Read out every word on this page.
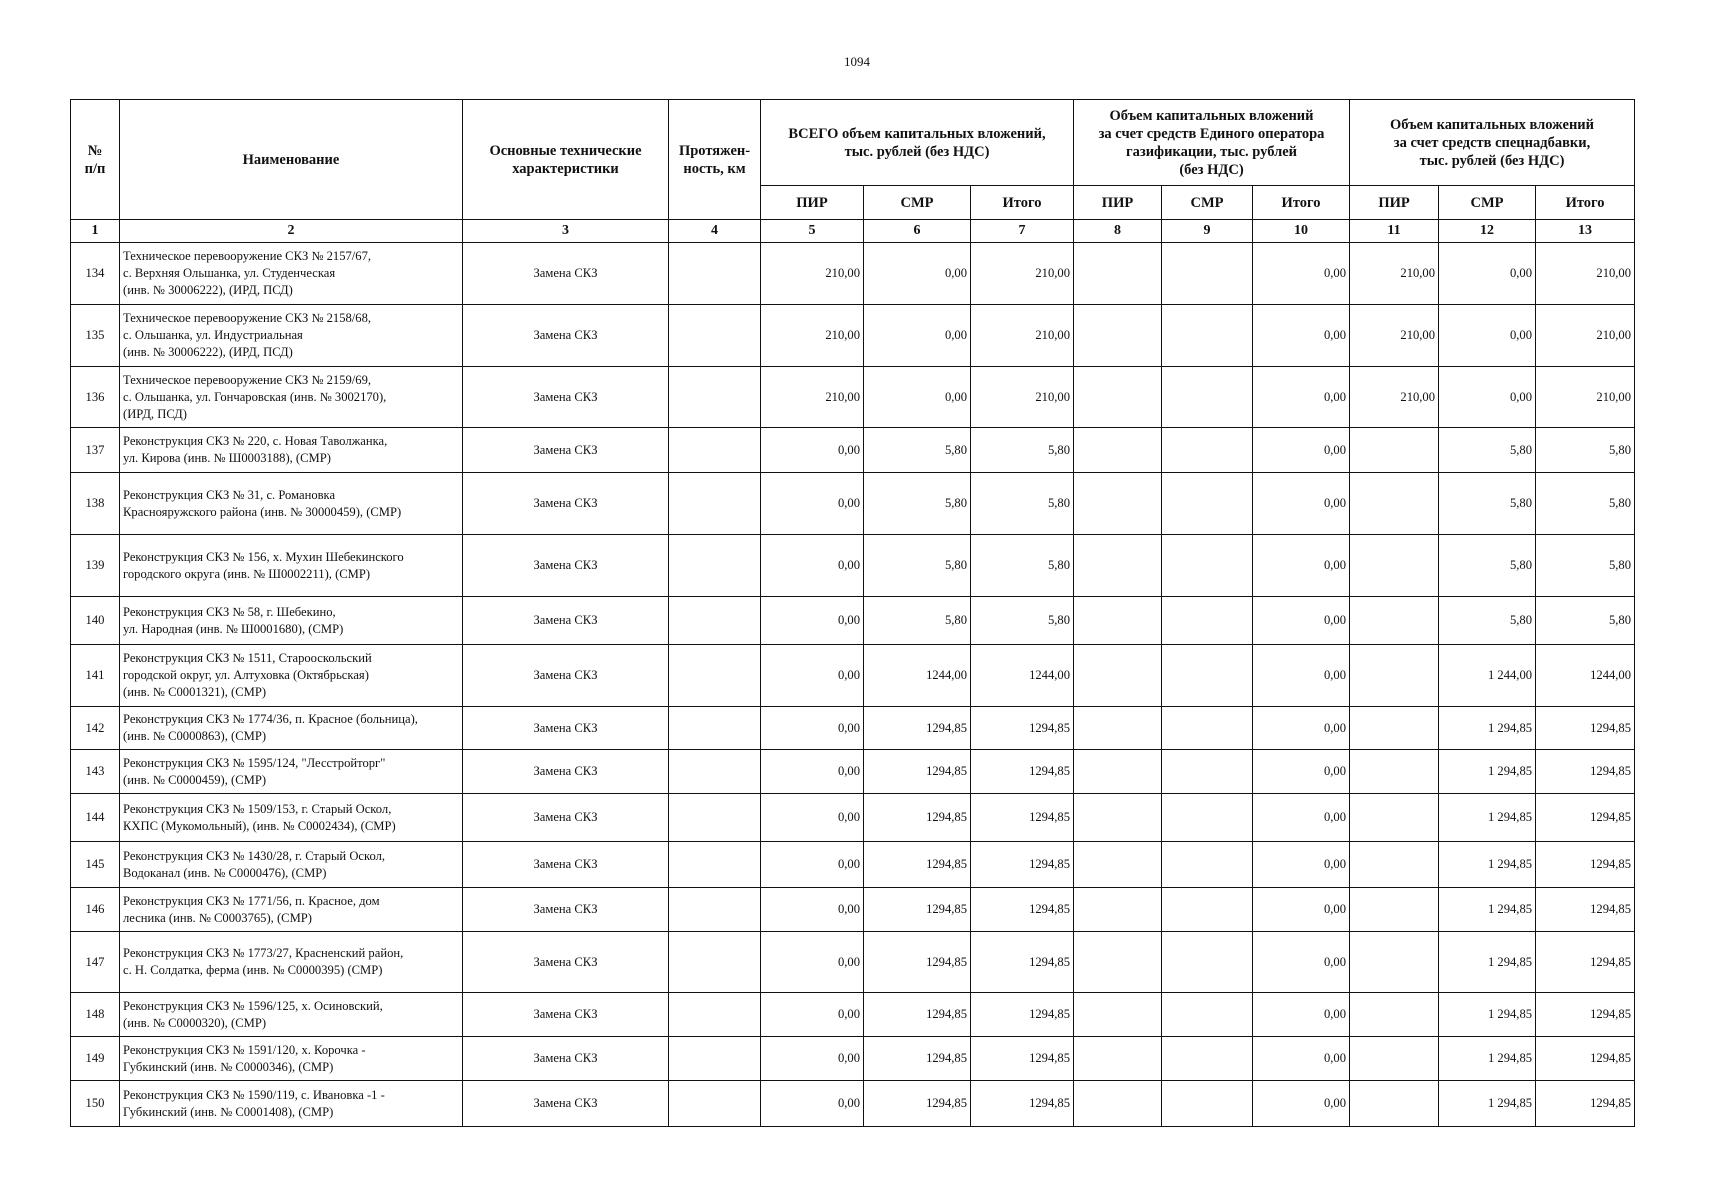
1094
№
п/п	Наименование	Основные технические
характеристики	Протяжен-
ность, км	ВСЕГО объем капитальных вложений,
тыс. рублей (без НДС)			Объем капитальных вложений
за счет средств Единого оператора
газификации, тыс. рублей
(без НДС)			Объем капитальных вложений
за счет средств спецнадбавки,
тыс. рублей (без НДС)		
				ПИР	СМР	Итого	ПИР	СМР	Итого	ПИР	СМР	Итого
1	2	3	4	5	6	7	8	9	10	11	12	13
134	Техническое перевооружение СКЗ № 2157/67,
с. Верхняя Ольшанка, ул. Студенческая
(инв. № 30006222), (ИРД, ПСД)	Замена СКЗ		210,00	0,00	210,00			0,00	210,00	0,00	210,00
135	Техническое перевооружение СКЗ № 2158/68,
с. Ольшанка, ул. Индустриальная
(инв. № 30006222), (ИРД, ПСД)	Замена СКЗ		210,00	0,00	210,00			0,00	210,00	0,00	210,00
136	Техническое перевооружение СКЗ № 2159/69,
с. Ольшанка, ул. Гончаровская (инв. № 3002170),
(ИРД, ПСД)	Замена СКЗ		210,00	0,00	210,00			0,00	210,00	0,00	210,00
137	Реконструкция СКЗ № 220, с. Новая Таволжанка,
ул. Кирова (инв. № Ш0003188), (СМР)	Замена СКЗ		0,00	5,80	5,80			0,00		5,80	5,80
138	Реконструкция СКЗ № 31, с. Романовка
Краснояружского района (инв. № 30000459), (СМР)	Замена СКЗ		0,00	5,80	5,80			0,00		5,80	5,80
139	Реконструкция СКЗ № 156, х. Мухин Шебекинского
городского округа (инв. № Ш0002211), (СМР)	Замена СКЗ		0,00	5,80	5,80			0,00		5,80	5,80
140	Реконструкция СКЗ № 58, г. Шебекино,
ул. Народная (инв. № Ш0001680), (СМР)	Замена СКЗ		0,00	5,80	5,80			0,00		5,80	5,80
141	Реконструкция СКЗ № 1511, Старооскольский
городской округ, ул. Алтуховка (Октябрьская)
(инв. № С0001321), (СМР)	Замена СКЗ		0,00	1244,00	1244,00			0,00		1 244,00	1244,00
142	Реконструкция СКЗ № 1774/36, п. Красное (больница),
(инв. № С0000863), (СМР)	Замена СКЗ		0,00	1294,85	1294,85			0,00		1 294,85	1294,85
143	Реконструкция СКЗ № 1595/124, "Лесстройторг"
(инв. № С0000459), (СМР)	Замена СКЗ		0,00	1294,85	1294,85			0,00		1 294,85	1294,85
144	Реконструкция СКЗ № 1509/153, г. Старый Оскол,
КХПС (Мукомольный), (инв. № С0002434), (СМР)	Замена СКЗ		0,00	1294,85	1294,85			0,00		1 294,85	1294,85
145	Реконструкция СКЗ № 1430/28, г. Старый Оскол,
Водоканал (инв. № С0000476), (СМР)	Замена СКЗ		0,00	1294,85	1294,85			0,00		1 294,85	1294,85
146	Реконструкция СКЗ № 1771/56, п. Красное, дом
лесника (инв. № С0003765), (СМР)	Замена СКЗ		0,00	1294,85	1294,85			0,00		1 294,85	1294,85
147	Реконструкция СКЗ № 1773/27, Красненский район,
с. Н. Солдатка, ферма (инв. № С0000395) (СМР)	Замена СКЗ		0,00	1294,85	1294,85			0,00		1 294,85	1294,85
148	Реконструкция СКЗ № 1596/125, х. Осиновский,
(инв. № С0000320), (СМР)	Замена СКЗ		0,00	1294,85	1294,85			0,00		1 294,85	1294,85
149	Реконструкция СКЗ № 1591/120, х. Корочка -
Губкинский (инв. № С0000346), (СМР)	Замена СКЗ		0,00	1294,85	1294,85			0,00		1 294,85	1294,85
150	Реконструкция СКЗ № 1590/119, с. Ивановка -1 -
Губкинский (инв. № С0001408), (СМР)	Замена СКЗ		0,00	1294,85	1294,85			0,00		1 294,85	1294,85
